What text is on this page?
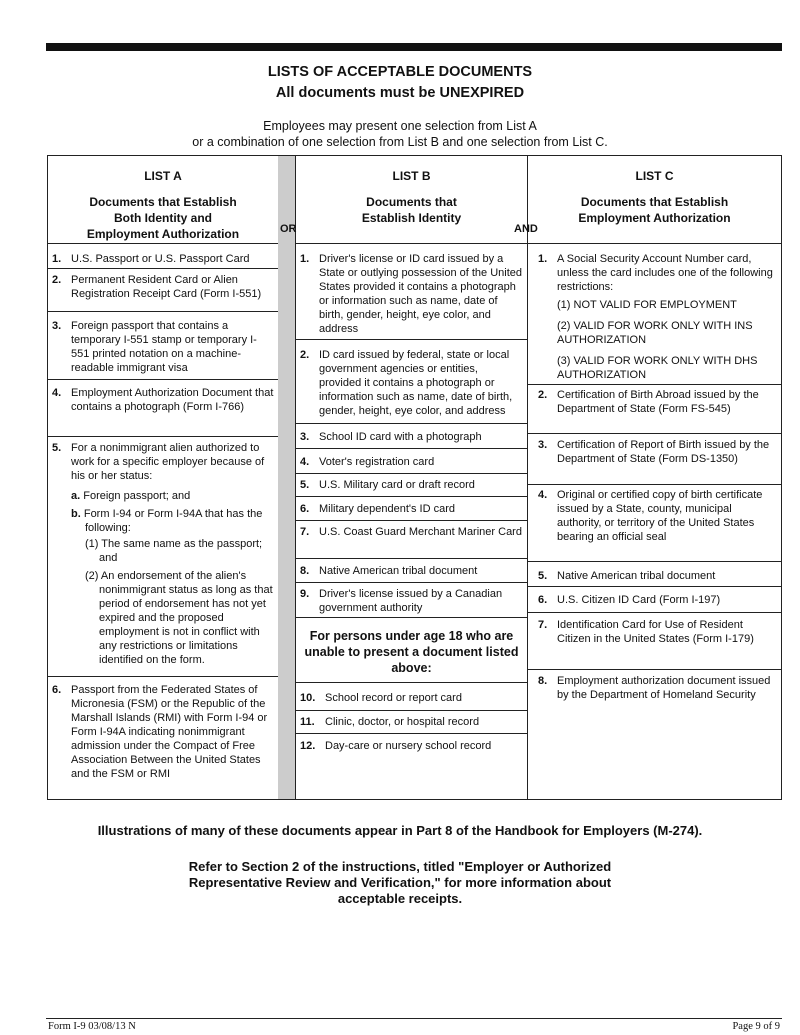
LISTS OF ACCEPTABLE DOCUMENTS
All documents must be UNEXPIRED
Employees may present one selection from List A
or a combination of one selection from List B and one selection from List C.
LIST A
Documents that Establish Both Identity and Employment Authorization
1. U.S. Passport or U.S. Passport Card
2. Permanent Resident Card or Alien Registration Receipt Card (Form I-551)
3. Foreign passport that contains a temporary I-551 stamp or temporary I-551 printed notation on a machine-readable immigrant visa
4. Employment Authorization Document that contains a photograph (Form I-766)
5. For a nonimmigrant alien authorized to work for a specific employer because of his or her status:
a. Foreign passport; and
b. Form I-94 or Form I-94A that has the following:
(1) The same name as the passport; and
(2) An endorsement of the alien's nonimmigrant status as long as that period of endorsement has not yet expired and the proposed employment is not in conflict with any restrictions or limitations identified on the form.
6. Passport from the Federated States of Micronesia (FSM) or the Republic of the Marshall Islands (RMI) with Form I-94 or Form I-94A indicating nonimmigrant admission under the Compact of Free Association Between the United States and the FSM or RMI
OR
LIST B
Documents that Establish Identity
1. Driver's license or ID card issued by a State or outlying possession of the United States provided it contains a photograph or information such as name, date of birth, gender, height, eye color, and address
2. ID card issued by federal, state or local government agencies or entities, provided it contains a photograph or information such as name, date of birth, gender, height, eye color, and address
3. School ID card with a photograph
4. Voter's registration card
5. U.S. Military card or draft record
6. Military dependent's ID card
7. U.S. Coast Guard Merchant Mariner Card
8. Native American tribal document
9. Driver's license issued by a Canadian government authority
For persons under age 18 who are unable to present a document listed above:
10. School record or report card
11. Clinic, doctor, or hospital record
12. Day-care or nursery school record
AND
LIST C
Documents that Establish Employment Authorization
1. A Social Security Account Number card, unless the card includes one of the following restrictions:
(1) NOT VALID FOR EMPLOYMENT
(2) VALID FOR WORK ONLY WITH INS AUTHORIZATION
(3) VALID FOR WORK ONLY WITH DHS AUTHORIZATION
2. Certification of Birth Abroad issued by the Department of State (Form FS-545)
3. Certification of Report of Birth issued by the Department of State (Form DS-1350)
4. Original or certified copy of birth certificate issued by a State, county, municipal authority, or territory of the United States bearing an official seal
5. Native American tribal document
6. U.S. Citizen ID Card (Form I-197)
7. Identification Card for Use of Resident Citizen in the United States (Form I-179)
8. Employment authorization document issued by the Department of Homeland Security
Illustrations of many of these documents appear in Part 8 of the Handbook for Employers (M-274).
Refer to Section 2 of the instructions, titled "Employer or Authorized Representative Review and Verification," for more information about acceptable receipts.
Form I-9 03/08/13 N	Page 9 of 9
